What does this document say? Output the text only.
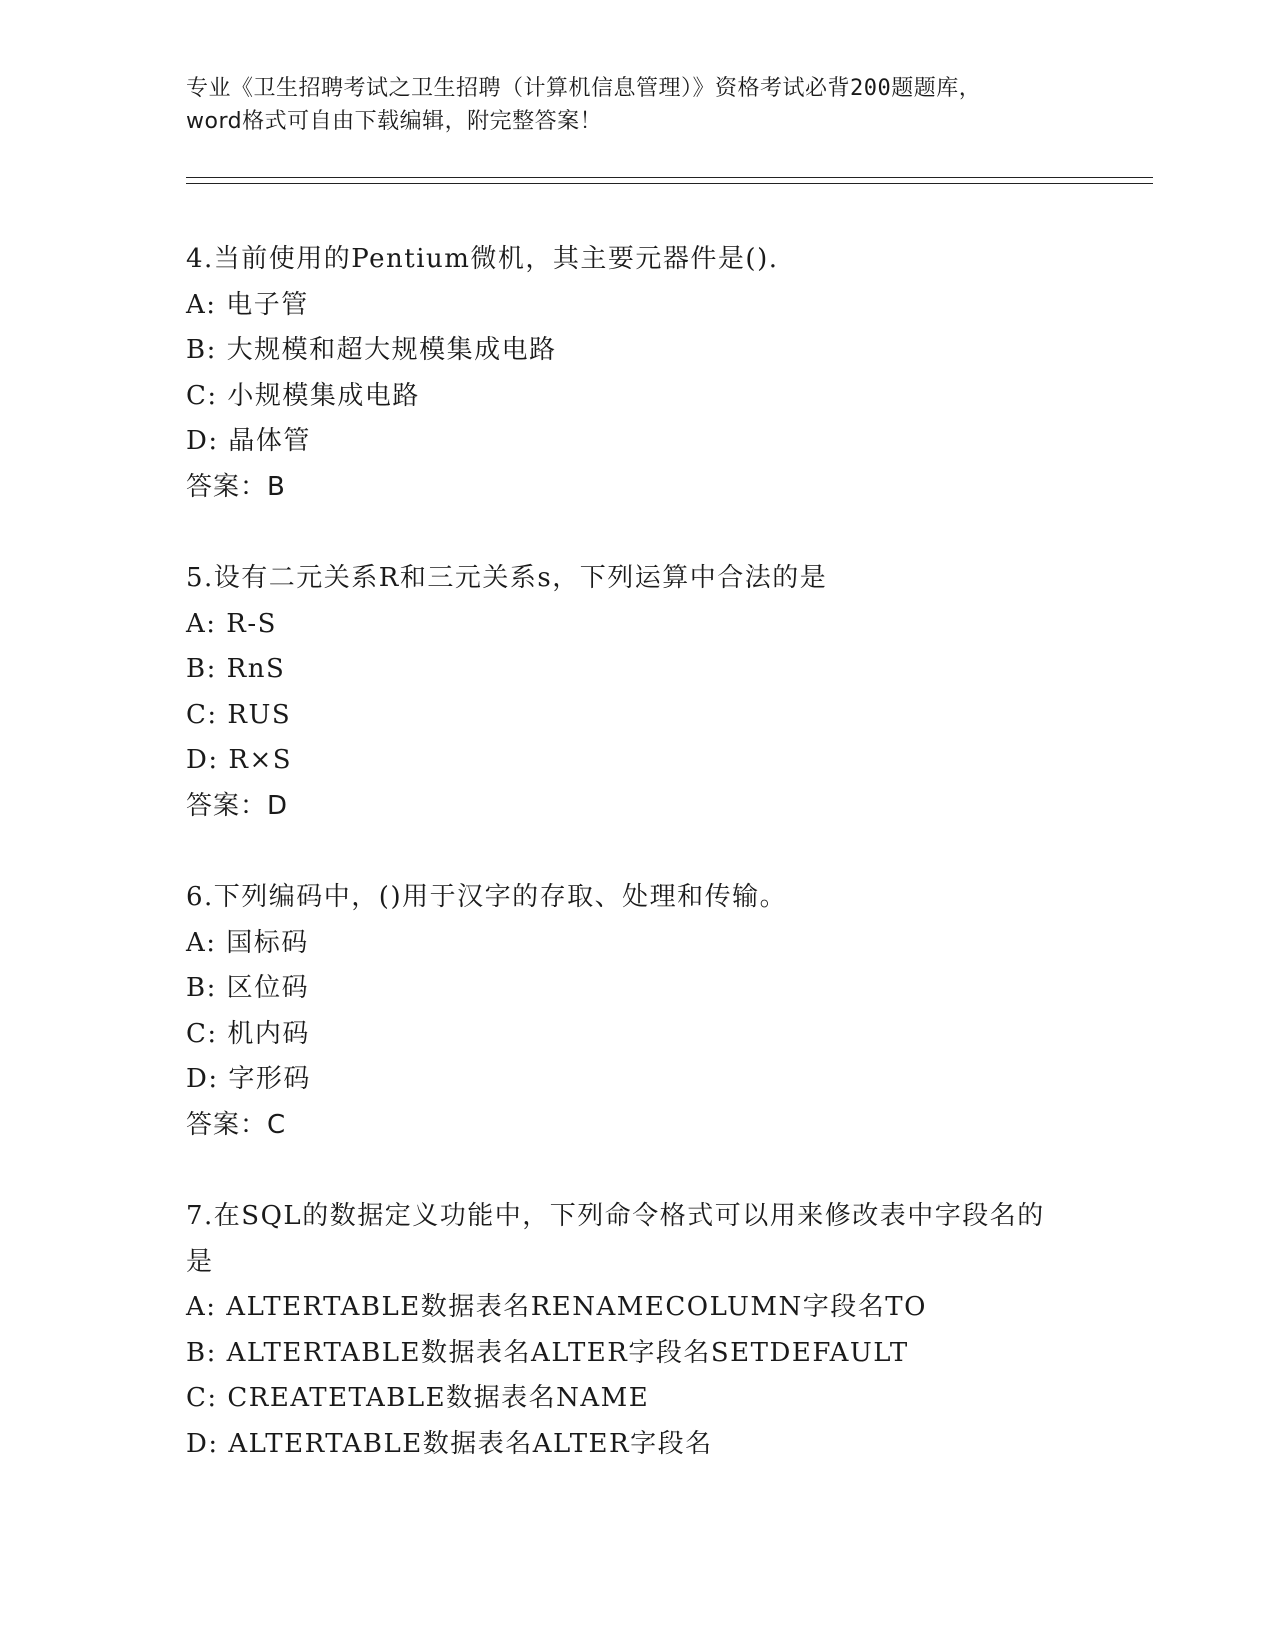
专业《卫生招聘考试之卫生招聘（计算机信息管理）》资格考试必背200题题库，
word格式可自由下载编辑，附完整答案！
4.当前使用的Pentium微机，其主要元器件是().
A: 电子管
B: 大规模和超大规模集成电路
C: 小规模集成电路
D: 晶体管
答案：B
5.设有二元关系R和三元关系s，下列运算中合法的是
A: R-S
B: RnS
C: RUS
D: R×S
答案：D
6.下列编码中，()用于汉字的存取、处理和传输。
A: 国标码
B: 区位码
C: 机内码
D: 字形码
答案：C
7.在SQL的数据定义功能中，下列命令格式可以用来修改表中字段名的是
A: ALTERTABLE数据表名RENAMECOLUMN字段名TO
B: ALTERTABLE数据表名ALTER字段名SETDEFAULT
C: CREATETABLE数据表名NAME
D: ALTERTABLE数据表名ALTER字段名
